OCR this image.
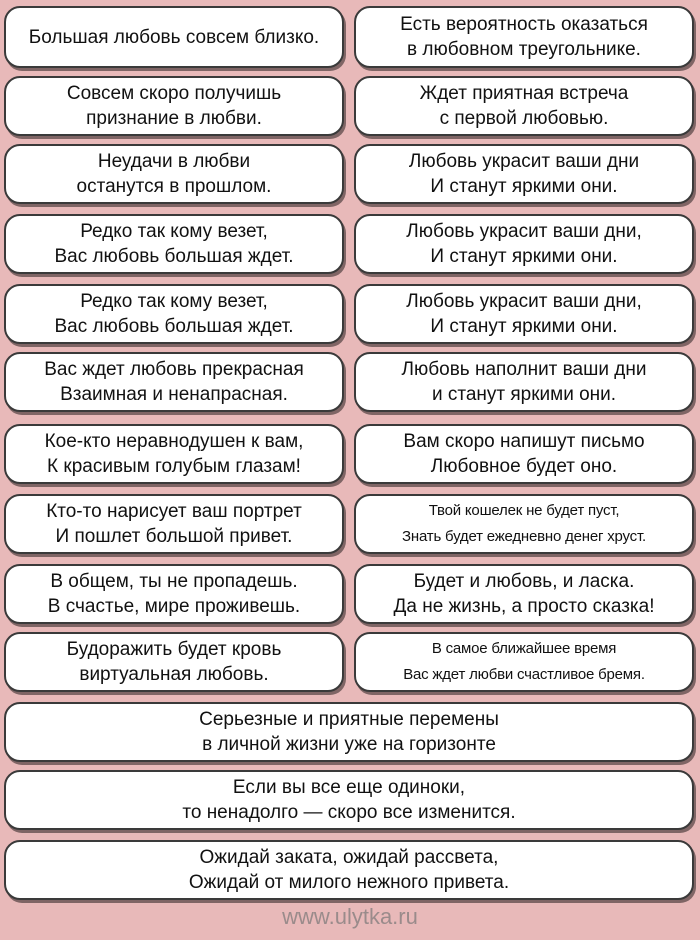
Большая любовь совсем близко.
Есть вероятность оказаться
в любовном треугольнике.
Совсем скоро получишь
признание в любви.
Ждет приятная встреча
с первой любовью.
Неудачи в любви
останутся в прошлом.
Любовь украсит ваши дни
И станут яркими они.
Редко так кому везет,
Вас любовь большая ждет.
Любовь украсит ваши дни,
И станут яркими они.
Редко так кому везет,
Вас любовь большая ждет.
Любовь украсит ваши дни,
И станут яркими они.
Вас ждет любовь прекрасная
Взаимная и ненапрасная.
Любовь наполнит ваши дни
и станут яркими они.
Кое-кто неравнодушен к вам,
К красивым голубым глазам!
Вам скоро напишут письмо
Любовное будет оно.
Кто-то нарисует ваш портрет
И пошлет большой привет.
Твой кошелек не будет пуст,
Знать будет ежедневно денег хруст.
В общем, ты не пропадешь.
В счастье, мире проживешь.
Будет и любовь, и ласка.
Да не жизнь, а просто сказка!
Будоражить будет кровь
виртуальная любовь.
В самое ближайшее время
Вас ждет любви счастливое бремя.
Серьезные и приятные перемены
в личной жизни уже на горизонте
Если вы все еще одиноки,
то ненадолго — скоро все изменится.
Ожидай заката, ожидай рассвета,
Ожидай от милого нежного привета.
www.ulytka.ru
